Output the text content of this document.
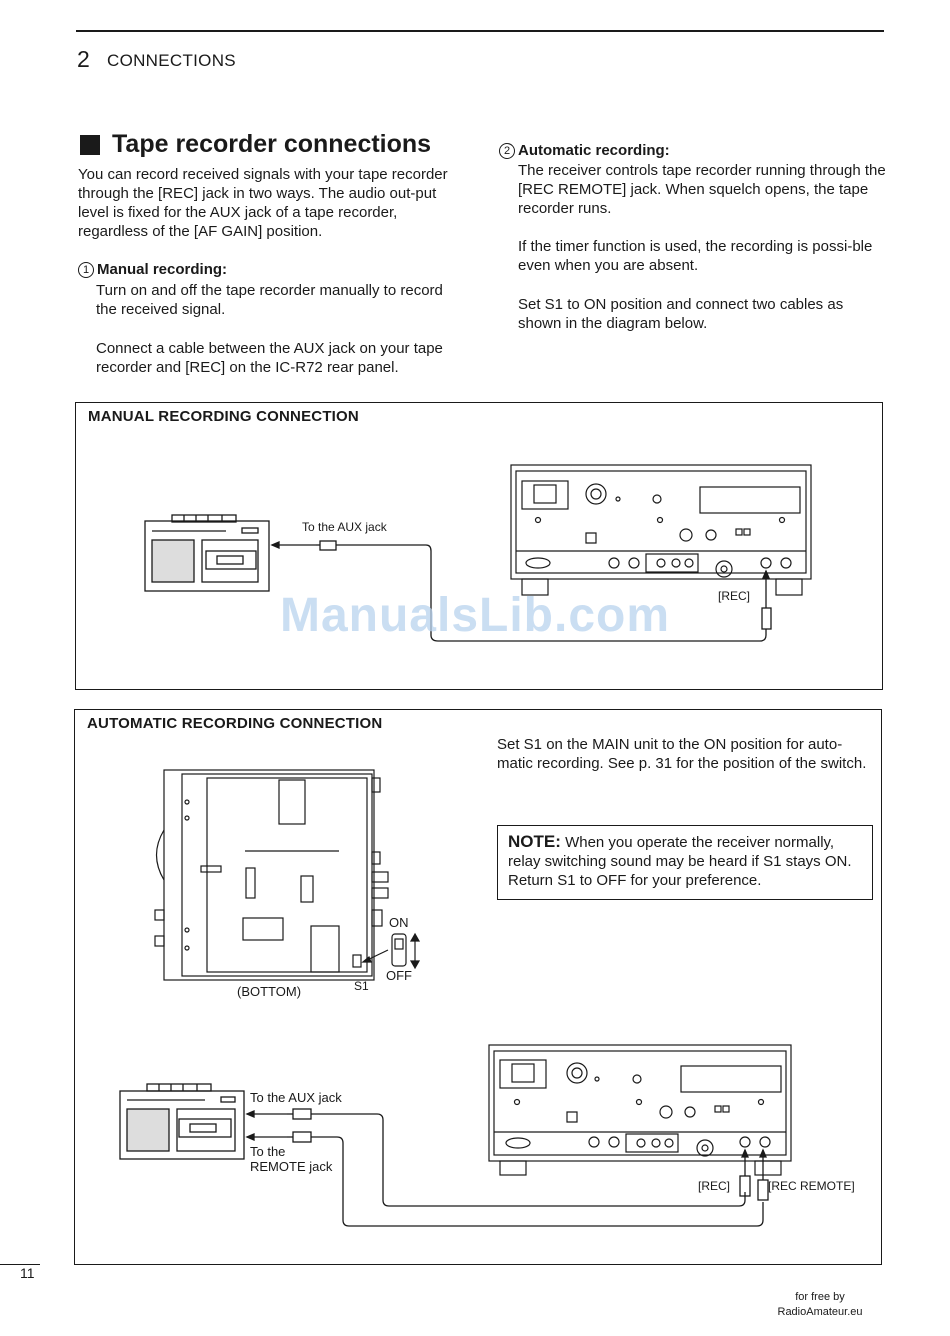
2 CONNECTIONS
Tape recorder connections

You can record received signals with your tape recorder through the [REC] jack in two ways. The audio out-put level is fixed for the AUX jack of a tape recorder, regardless of the [AF GAIN] position.

1 Manual recording:

Turn on and off the tape recorder manually to record the received signal.

Connect a cable between the AUX jack on your tape recorder and [REC] on the IC-R72 rear panel.

2 Automatic recording:

The receiver controls tape recorder running through the [REC REMOTE] jack. When squelch opens, the tape recorder runs.

If the timer function is used, the recording is possi-ble even when you are absent.

Set S1 to ON position and connect two cables as shown in the diagram below.

MANUAL RECORDING CONNECTION
To the AUX jack
[REC]
AUTOMATIC RECORDING CONNECTION

Set S1 on the MAIN unit to the ON position for auto-matic recording. See p. 31 for the position of the switch.

NOTE: When you operate the receiver normally, relay switching sound may be heard if S1 stays ON. Return S1 to OFF for your preference.
ON
OFF
(BOTTOM)	S1
To the AUX jack
To the
REMOTE jack
[REC]	[REC REMOTE]
ManualsLib.com
11
for free by
RadioAmateur.eu
